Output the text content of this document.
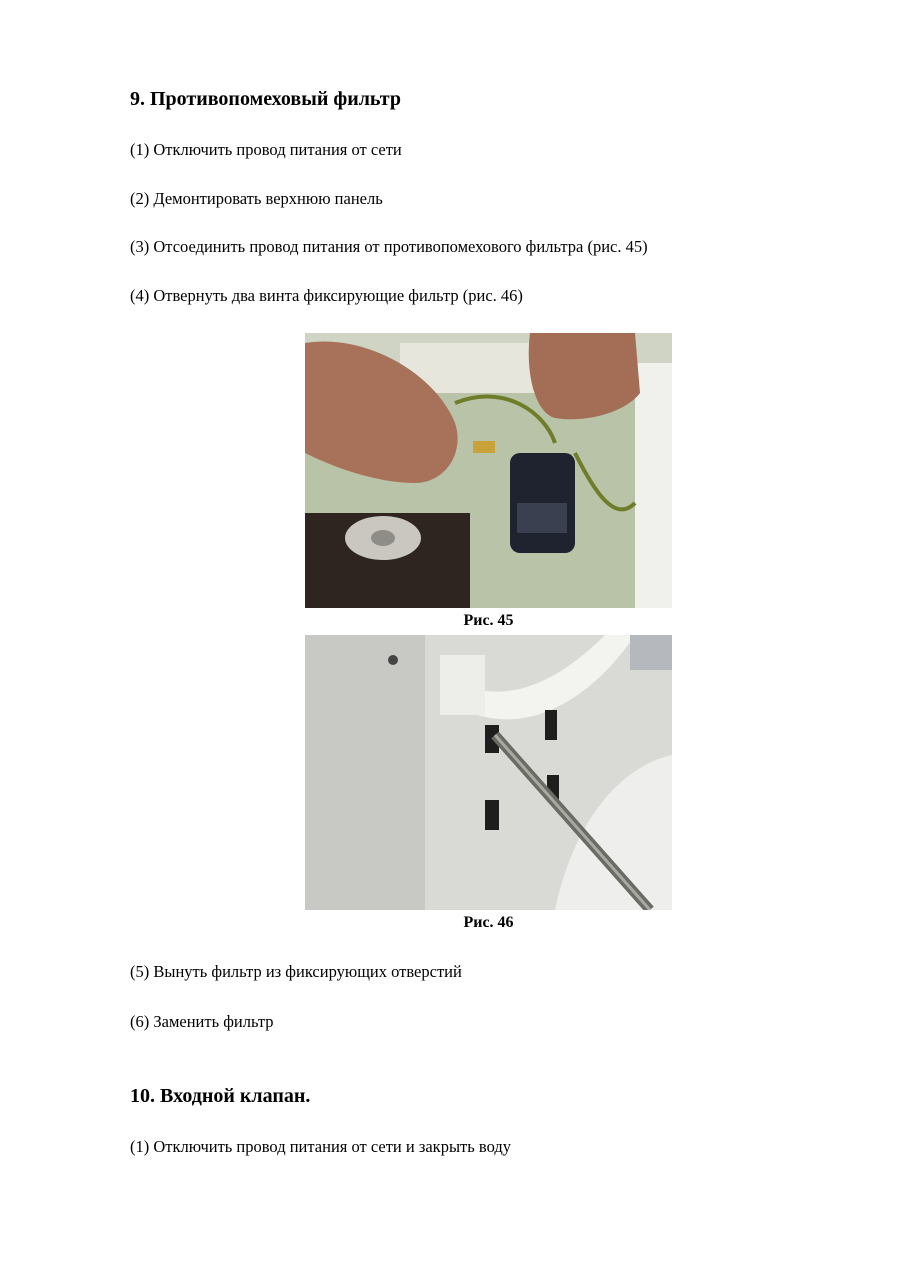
9. Противопомеховый фильтр
(1) Отключить провод питания от сети
(2) Демонтировать верхнюю панель
(3) Отсоединить провод питания от противопомехового фильтра (рис. 45)
(4) Отвернуть два винта фиксирующие фильтр (рис. 46)
Рис. 45
Рис. 46
(5) Вынуть фильтр из фиксирующих отверстий
(6) Заменить фильтр
10. Входной клапан.
(1) Отключить провод питания от сети и закрыть воду
